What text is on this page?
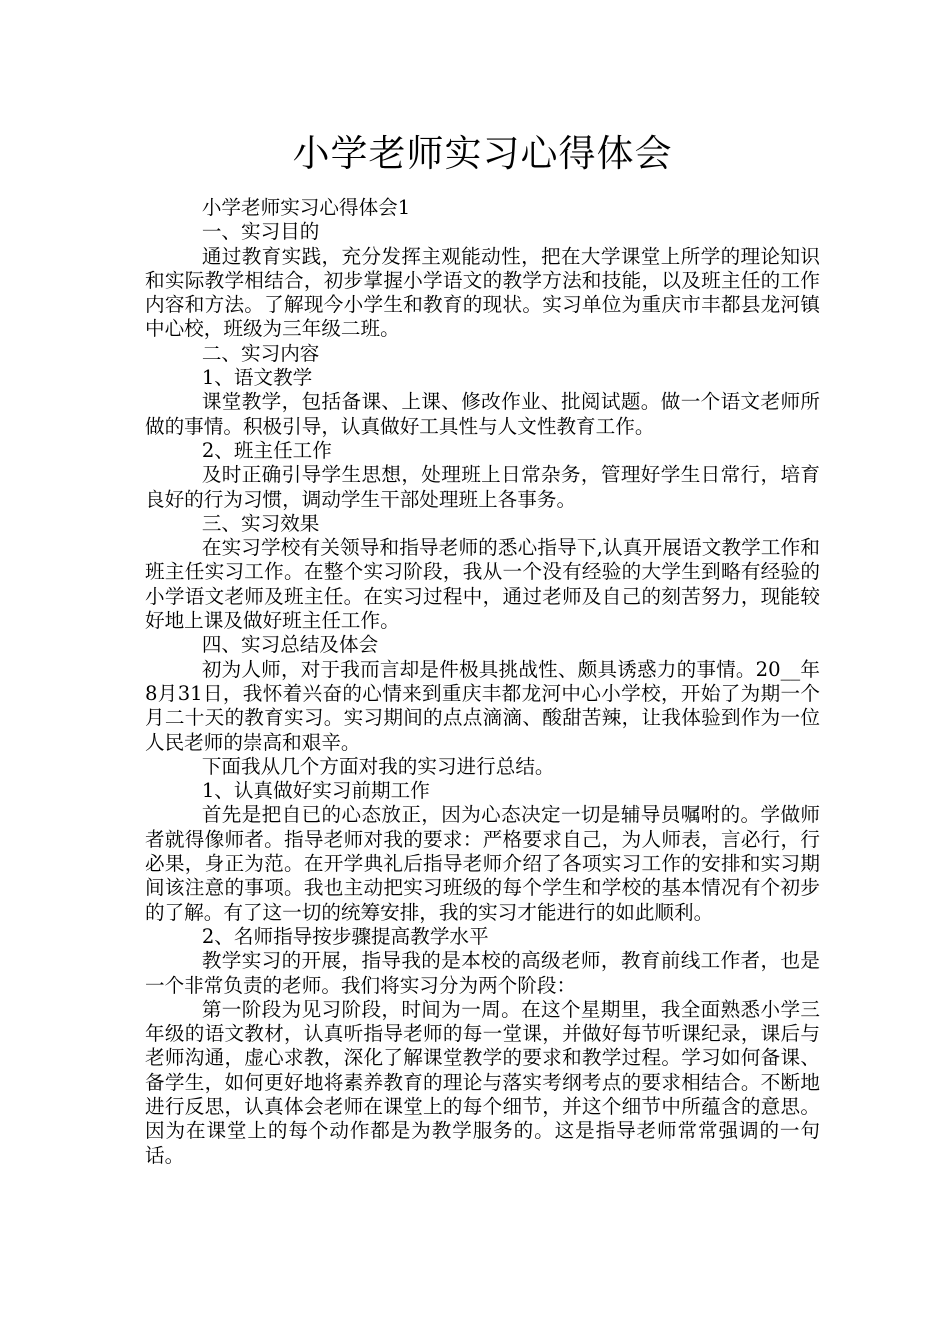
小学老师实习心得体会

小学老师实习心得体会1

一、实习目的

通过教育实践，充分发挥主观能动性，把在大学课堂上所学的理论知识和实际教学相结合，初步掌握小学语文的教学方法和技能，以及班主任的工作内容和方法。了解现今小学生和教育的现状。实习单位为重庆市丰都县龙河镇中心校，班级为三年级二班。

二、实习内容

1、语文教学

课堂教学，包括备课、上课、修改作业、批阅试题。做一个语文老师所做的事情。积极引导，认真做好工具性与人文性教育工作。

2、班主任工作

及时正确引导学生思想，处理班上日常杂务，管理好学生日常行，培育良好的行为习惯，调动学生干部处理班上各事务。

三、实习效果

在实习学校有关领导和指导老师的悉心指导下,认真开展语文教学工作和班主任实习工作。在整个实习阶段，我从一个没有经验的大学生到略有经验的小学语文老师及班主任。在实习过程中，通过老师及自己的刻苦努力，现能较好地上课及做好班主任工作。

四、实习总结及体会

初为人师，对于我而言却是件极具挑战性、颇具诱惑力的事情。20__年8月31日，我怀着兴奋的心情来到重庆丰都龙河中心小学校，开始了为期一个月二十天的教育实习。实习期间的点点滴滴、酸甜苦辣，让我体验到作为一位人民老师的崇高和艰辛。

下面我从几个方面对我的实习进行总结。

1、认真做好实习前期工作

首先是把自已的心态放正，因为心态决定一切是辅导员嘱咐的。学做师者就得像师者。指导老师对我的要求：严格要求自己，为人师表，言必行，行必果，身正为范。在开学典礼后指导老师介绍了各项实习工作的安排和实习期间该注意的事项。我也主动把实习班级的每个学生和学校的基本情况有个初步的了解。有了这一切的统筹安排，我的实习才能进行的如此顺利。

2、名师指导按步骤提高教学水平

教学实习的开展，指导我的是本校的高级老师，教育前线工作者，也是一个非常负责的老师。我们将实习分为两个阶段：

第一阶段为见习阶段，时间为一周。在这个星期里，我全面熟悉小学三年级的语文教材，认真听指导老师的每一堂课，并做好每节听课纪录，课后与老师沟通，虚心求教，深化了解课堂教学的要求和教学过程。学习如何备课、备学生，如何更好地将素养教育的理论与落实考纲考点的要求相结合。不断地进行反思，认真体会老师在课堂上的每个细节，并这个细节中所蕴含的意思。因为在课堂上的每个动作都是为教学服务的。这是指导老师常常强调的一句话。
